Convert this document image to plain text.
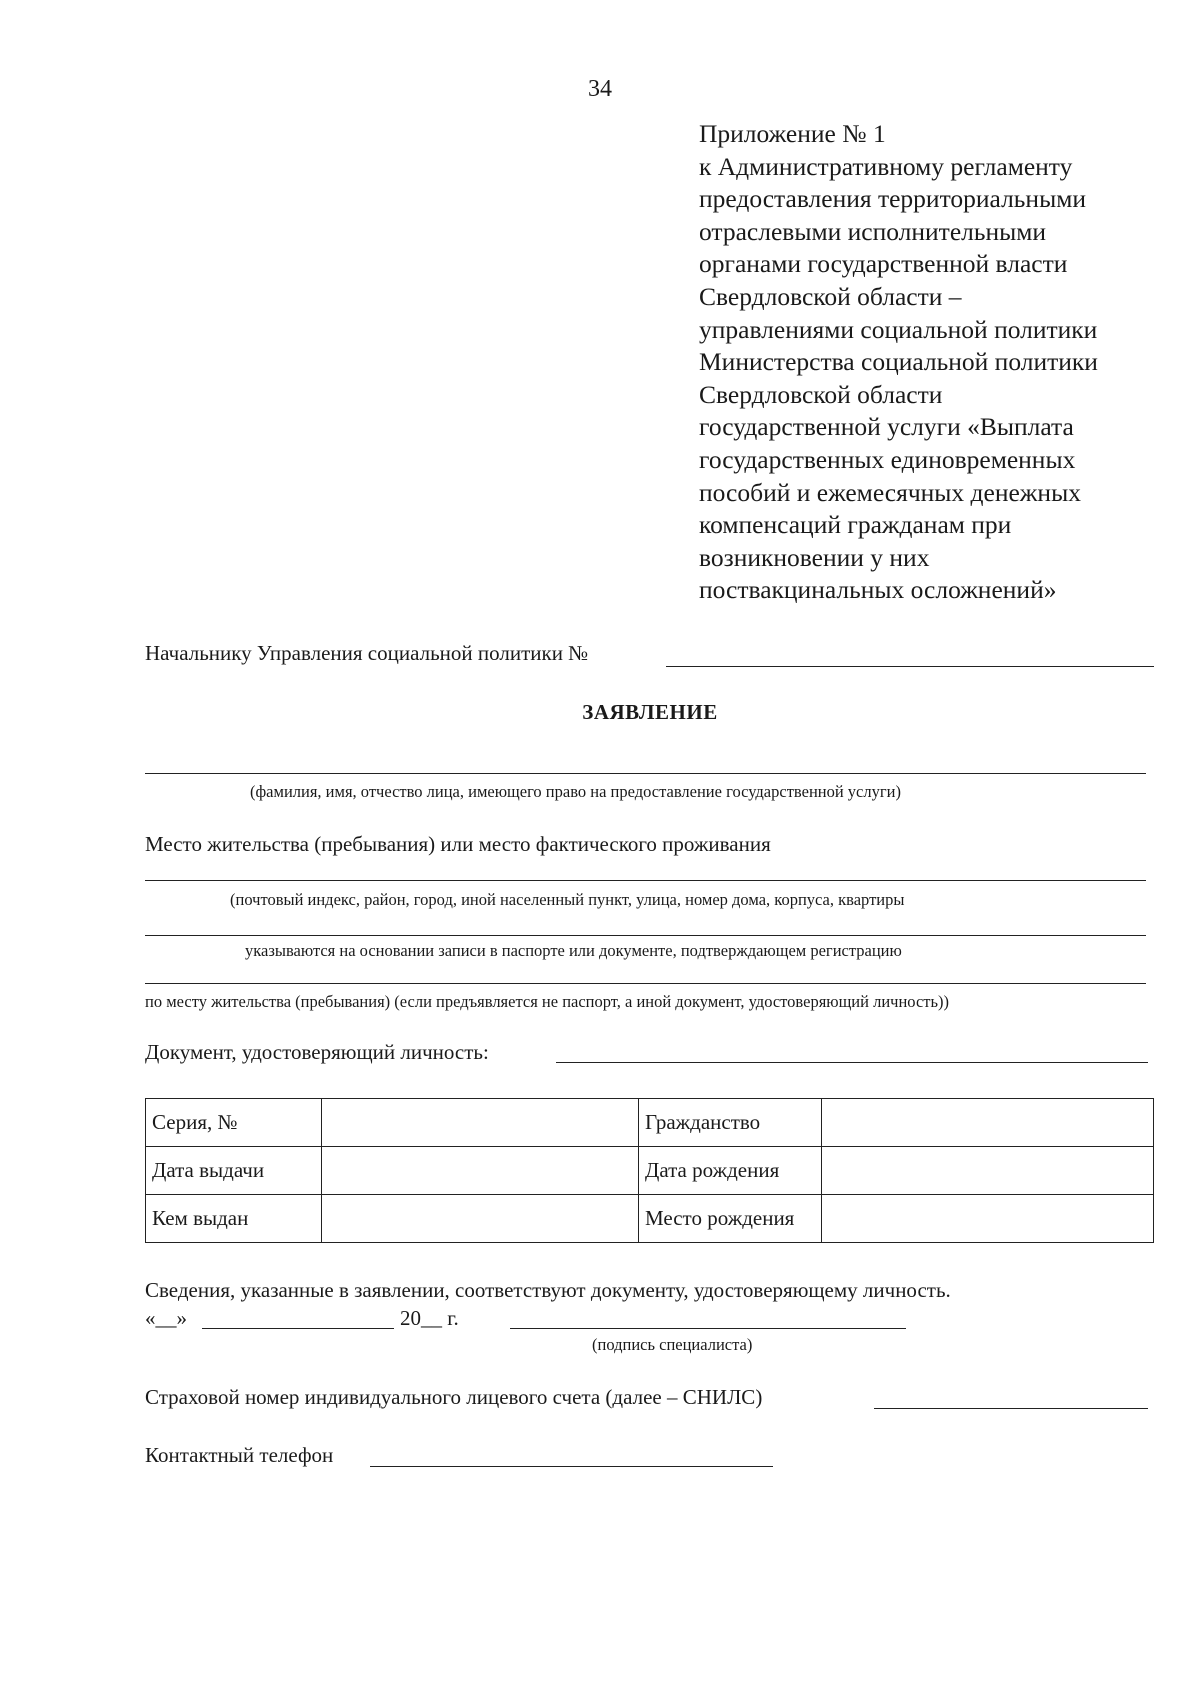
34
Приложение № 1
к Административному регламенту
предоставления территориальными
отраслевыми исполнительными
органами государственной власти
Свердловской области –
управлениями социальной политики
Министерства социальной политики
Свердловской области
государственной услуги «Выплата
государственных единовременных
пособий и ежемесячных денежных
компенсаций гражданам при
возникновении у них
поствакцинальных осложнений»
Начальнику Управления социальной политики №
ЗАЯВЛЕНИЕ
(фамилия, имя, отчество лица, имеющего право на предоставление государственной услуги)
Место жительства (пребывания) или место фактического проживания
(почтовый индекс, район, город, иной населенный пункт, улица, номер дома, корпуса, квартиры
указываются на основании записи в паспорте или документе, подтверждающем регистрацию
по месту жительства (пребывания) (если предъявляется не паспорт, а иной документ, удостоверяющий личность))
Документ, удостоверяющий личность:
Серия, №		Гражданство	
Дата выдачи		Дата рождения	
Кем выдан		Место рождения	
Сведения, указанные в заявлении, соответствуют документу, удостоверяющему личность.
«__»	20__ г.
(подпись специалиста)
Страховой номер индивидуального лицевого счета (далее – СНИЛС)
Контактный телефон
